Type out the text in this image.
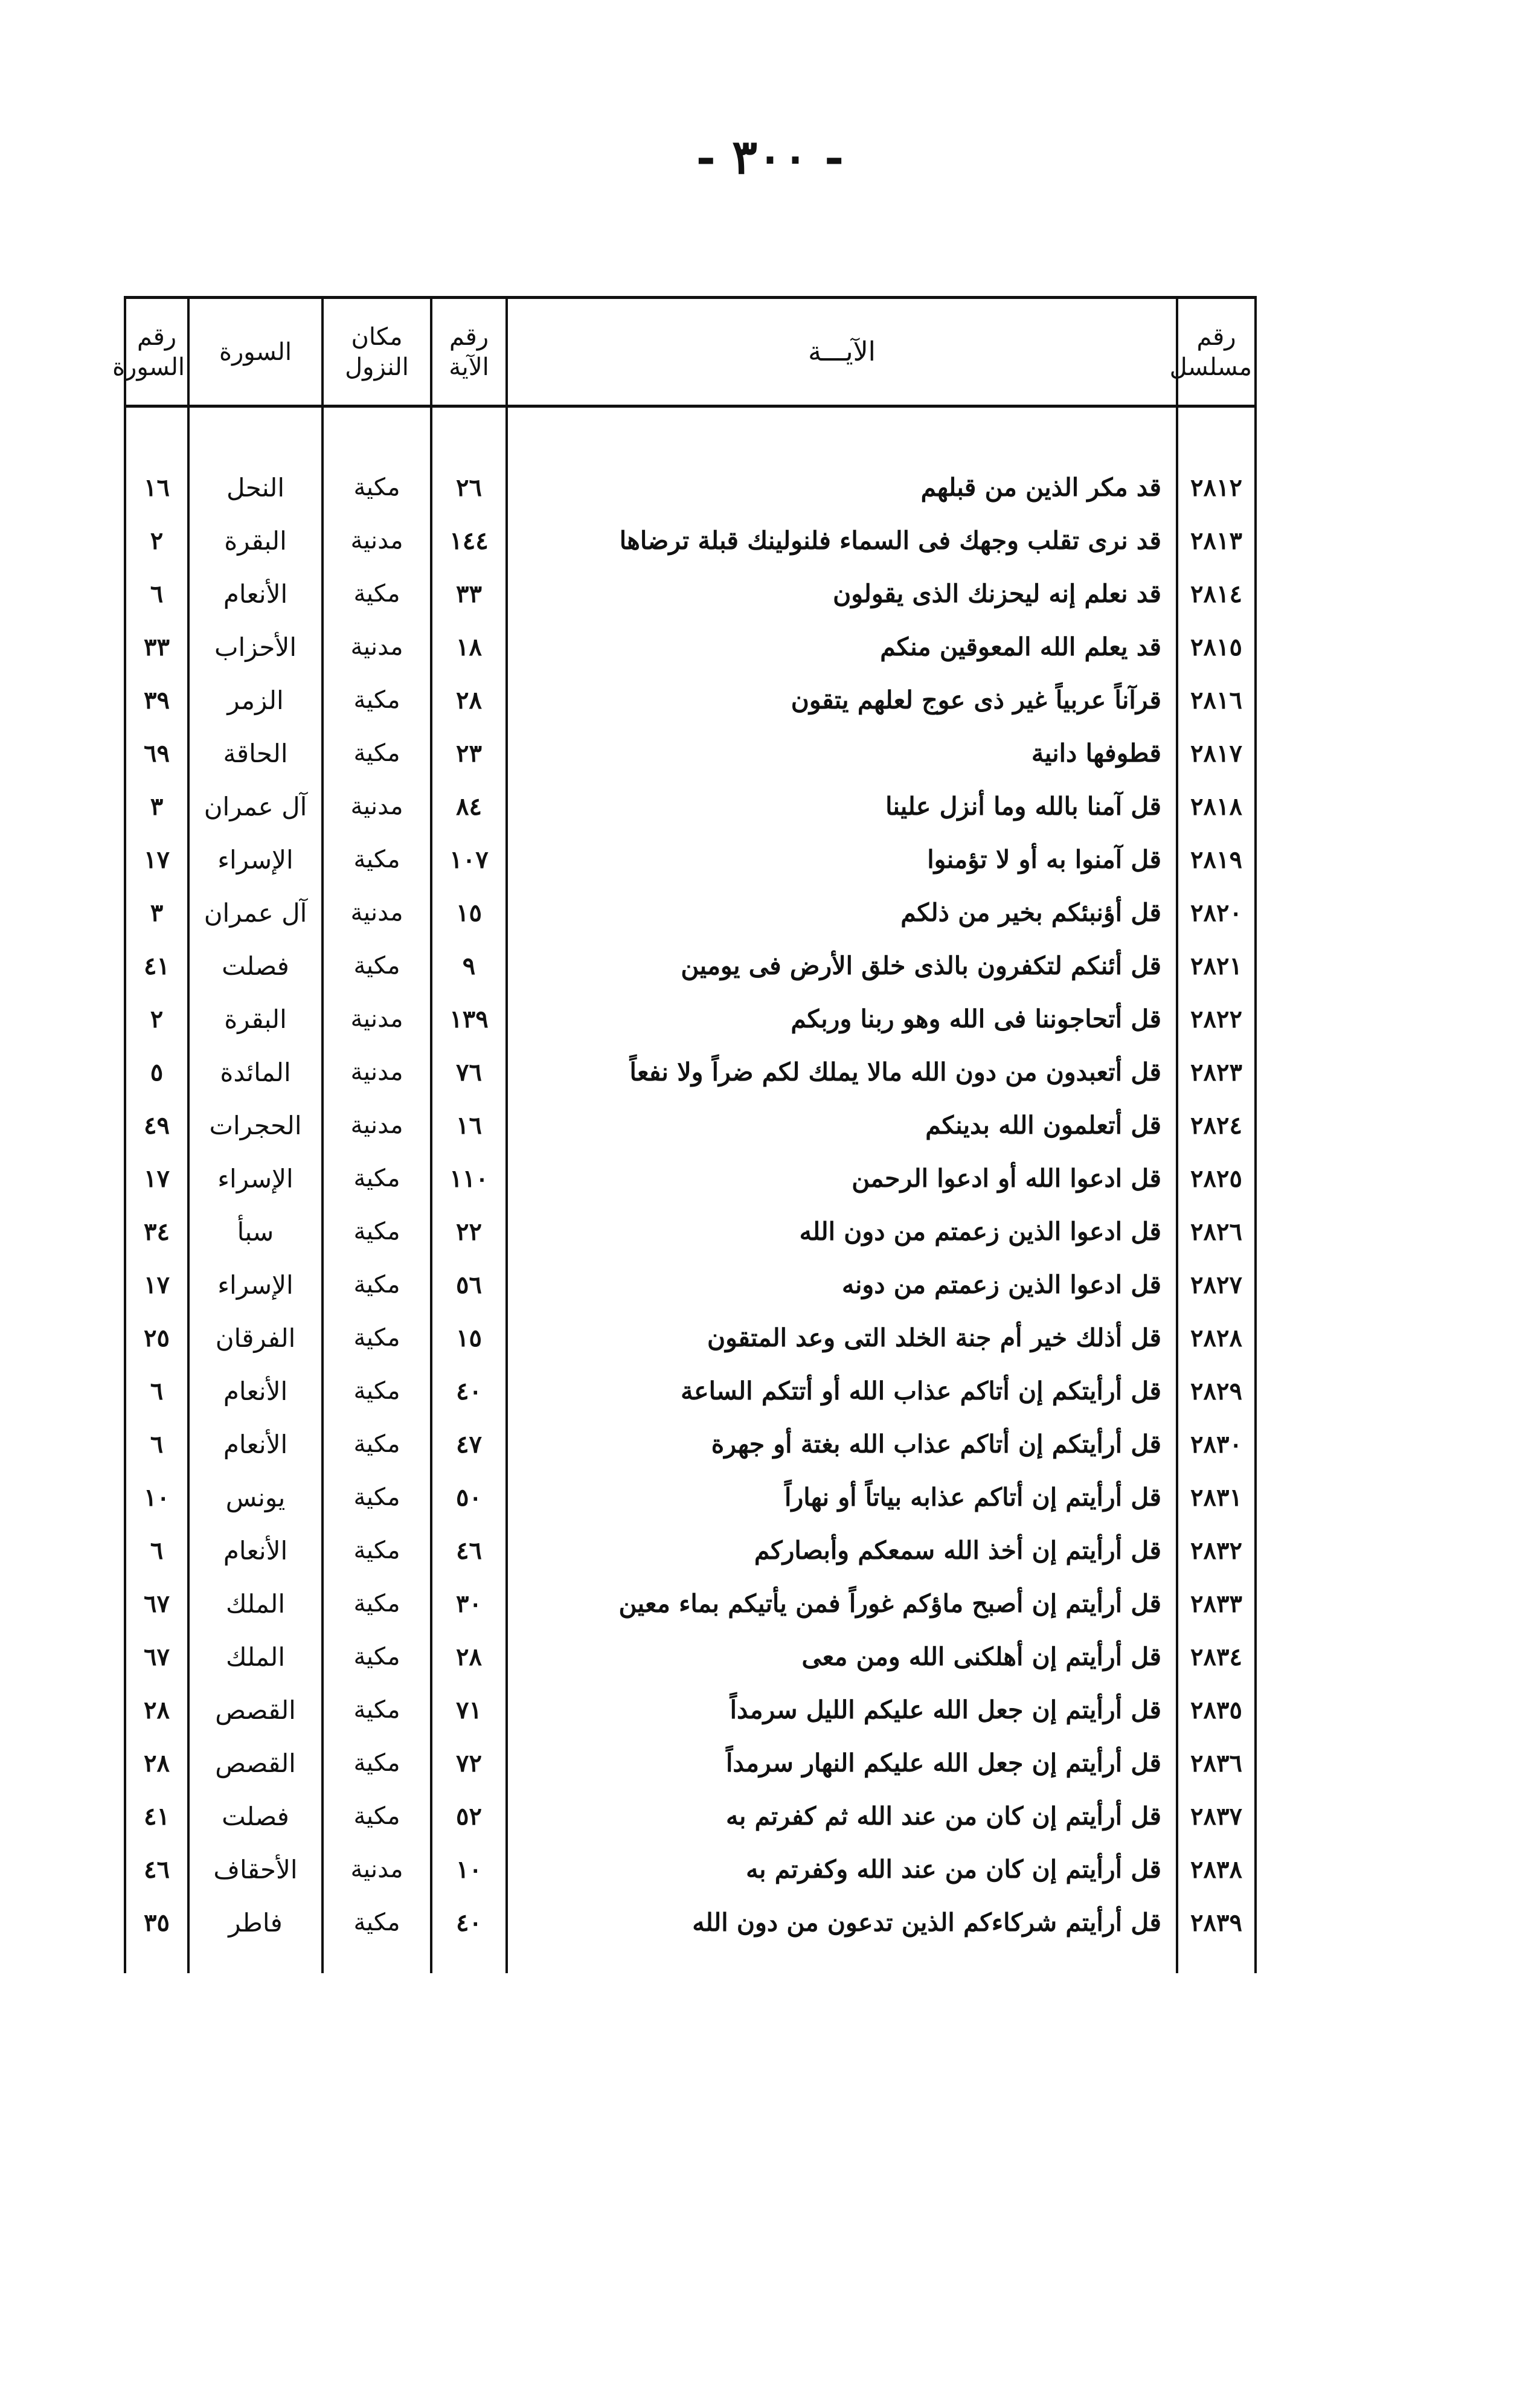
- ٣٠٠ -
رقم مسلسل	الآيـــة	رقم الآية	مكان النزول	السورة	رقم السورة

٢٨١٢	قد مكر الذين من قبلهم	٢٦	مكية	النحل	١٦
٢٨١٣	قد نرى تقلب وجهك فى السماء فلنولينك قبلة ترضاها	١٤٤	مدنية	البقرة	٢
٢٨١٤	قد نعلم إنه ليحزنك الذى يقولون	٣٣	مكية	الأنعام	٦
٢٨١٥	قد يعلم الله المعوقين منكم	١٨	مدنية	الأحزاب	٣٣
٢٨١٦	قرآناً عربياً غير ذى عوج لعلهم يتقون	٢٨	مكية	الزمر	٣٩
٢٨١٧	قطوفها دانية	٢٣	مكية	الحاقة	٦٩
٢٨١٨	قل آمنا بالله وما أنزل علينا	٨٤	مدنية	آل عمران	٣
٢٨١٩	قل آمنوا به أو لا تؤمنوا	١٠٧	مكية	الإسراء	١٧
٢٨٢٠	قل أؤنبئكم بخير من ذلكم	١٥	مدنية	آل عمران	٣
٢٨٢١	قل أئنكم لتكفرون بالذى خلق الأرض فى يومين	٩	مكية	فصلت	٤١
٢٨٢٢	قل أتحاجوننا فى الله وهو ربنا وربكم	١٣٩	مدنية	البقرة	٢
٢٨٢٣	قل أتعبدون من دون الله مالا يملك لكم ضراً ولا نفعاً	٧٦	مدنية	المائدة	٥
٢٨٢٤	قل أتعلمون الله بدينكم	١٦	مدنية	الحجرات	٤٩
٢٨٢٥	قل ادعوا الله أو ادعوا الرحمن	١١٠	مكية	الإسراء	١٧
٢٨٢٦	قل ادعوا الذين زعمتم من دون الله	٢٢	مكية	سبأ	٣٤
٢٨٢٧	قل ادعوا الذين زعمتم من دونه	٥٦	مكية	الإسراء	١٧
٢٨٢٨	قل أذلك خير أم جنة الخلد التى وعد المتقون	١٥	مكية	الفرقان	٢٥
٢٨٢٩	قل أرأيتكم إن أتاكم عذاب الله أو أتتكم الساعة	٤٠	مكية	الأنعام	٦
٢٨٣٠	قل أرأيتكم إن أتاكم عذاب الله بغتة أو جهرة	٤٧	مكية	الأنعام	٦
٢٨٣١	قل أرأيتم إن أتاكم عذابه بياتاً أو نهاراً	٥٠	مكية	يونس	١٠
٢٨٣٢	قل أرأيتم إن أخذ الله سمعكم وأبصاركم	٤٦	مكية	الأنعام	٦
٢٨٣٣	قل أرأيتم إن أصبح ماؤكم غوراً فمن يأتيكم بماء معين	٣٠	مكية	الملك	٦٧
٢٨٣٤	قل أرأيتم إن أهلكنى الله ومن معى	٢٨	مكية	الملك	٦٧
٢٨٣٥	قل أرأيتم إن جعل الله عليكم الليل سرمداً	٧١	مكية	القصص	٢٨
٢٨٣٦	قل أرأيتم إن جعل الله عليكم النهار سرمداً	٧٢	مكية	القصص	٢٨
٢٨٣٧	قل أرأيتم إن كان من عند الله ثم كفرتم به	٥٢	مكية	فصلت	٤١
٢٨٣٨	قل أرأيتم إن كان من عند الله وكفرتم به	١٠	مدنية	الأحقاف	٤٦
٢٨٣٩	قل أرأيتم شركاءكم الذين تدعون من دون الله	٤٠	مكية	فاطر	٣٥
